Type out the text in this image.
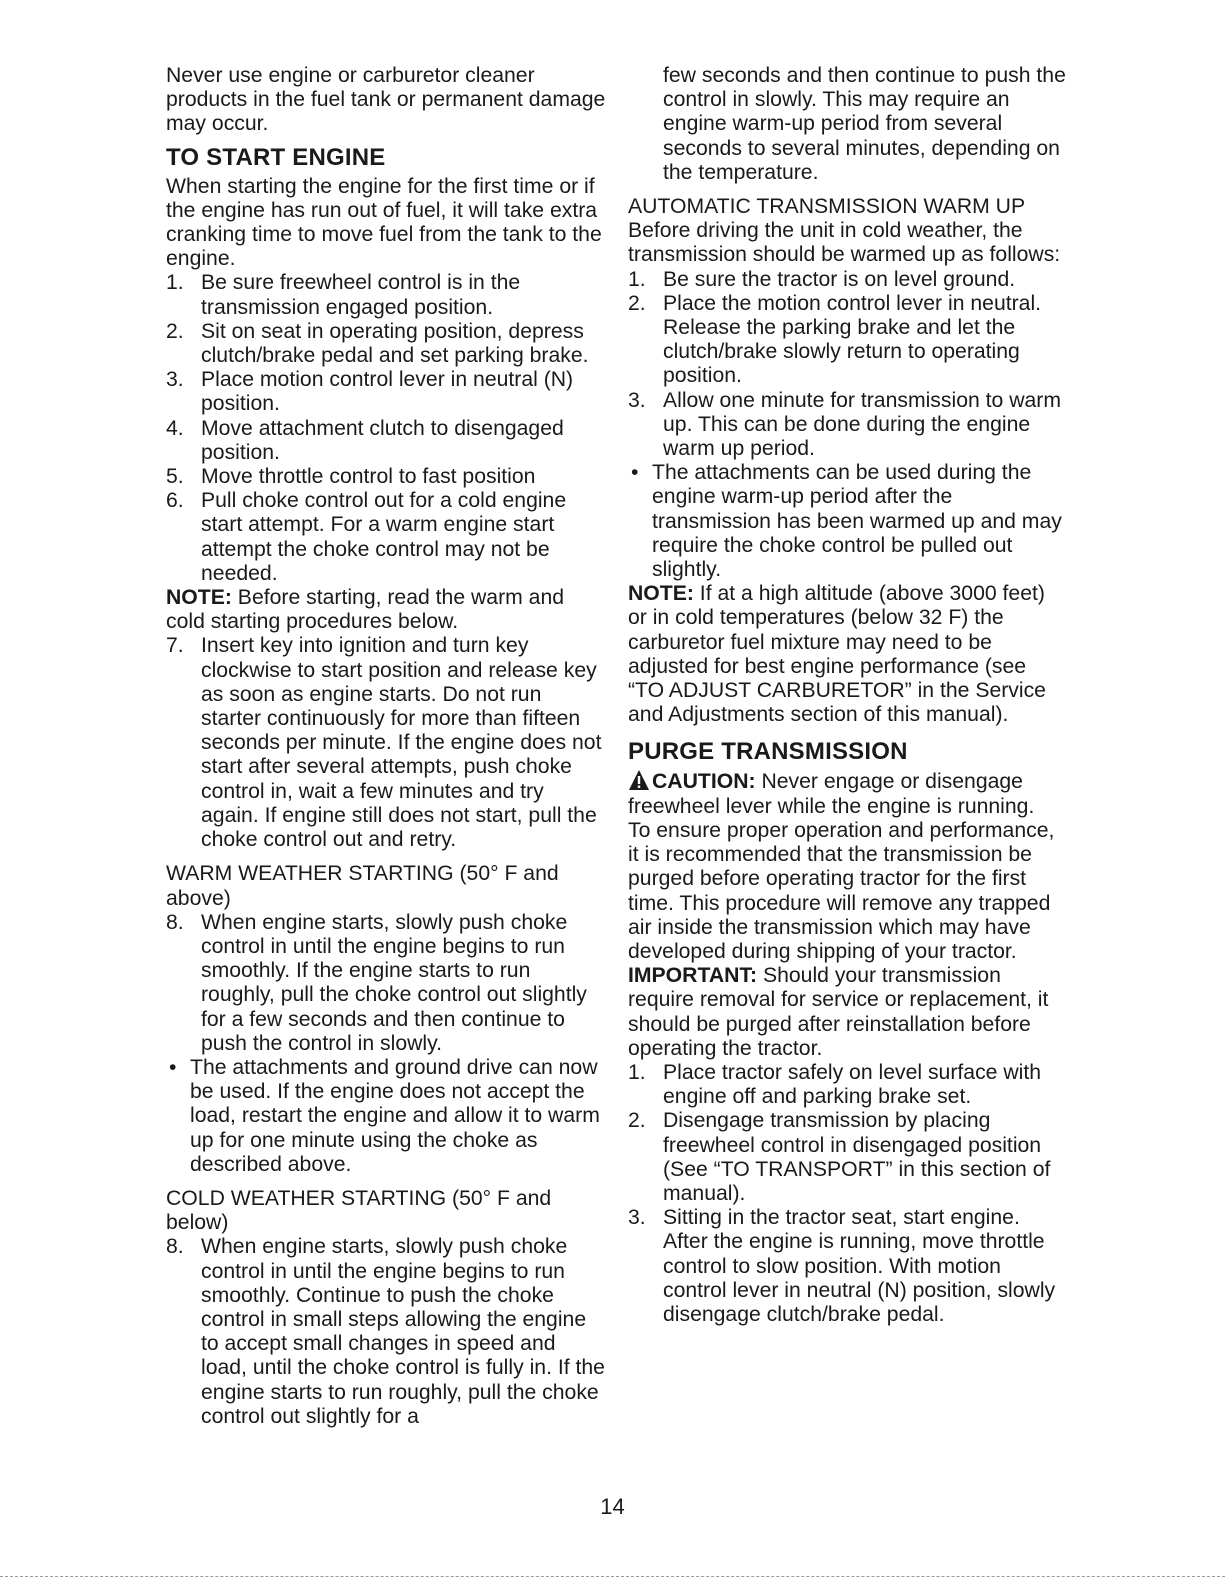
Never use engine or carburetor cleaner products in the fuel tank or permanent damage may occur.

TO START ENGINE

When starting the engine for the first time or if the engine has run out of fuel, it will take extra cranking time to move fuel from the tank to the engine.

1. Be sure freewheel control is in the transmission engaged position.
2. Sit on seat in operating position, depress clutch/brake pedal and set parking brake.
3. Place motion control lever in neutral (N) position.
4. Move attachment clutch to disengaged position.
5. Move throttle control to fast position
6. Pull choke control out for a cold engine start attempt. For a warm engine start attempt the choke control may not be needed.

NOTE: Before starting, read the warm and cold starting procedures below.

7. Insert key into ignition and turn key clockwise to start position and release key as soon as engine starts. Do not run starter continuously for more than fifteen seconds per minute. If the engine does not start after several attempts, push choke control in, wait a few minutes and try again. If engine still does not start, pull the choke control out and retry.

WARM WEATHER STARTING (50° F and above)

8. When engine starts, slowly push choke control in until the engine begins to run smoothly. If the engine starts to run roughly, pull the choke control out slightly for a few seconds and then continue to push the control in slowly.
• The attachments and ground drive can now be used. If the engine does not accept the load, restart the engine and allow it to warm up for one minute using the choke as described above.

COLD WEATHER STARTING (50° F and below)

8. When engine starts, slowly push choke control in until the engine begins to run smoothly. Continue to push the choke control in small steps allowing the engine to accept small changes in speed and load, until the choke control is fully in. If the engine starts to run roughly, pull the choke control out slightly for a

few seconds and then continue to push the control in slowly. This may require an engine warm-up period from several seconds to several minutes, depending on the temperature.

AUTOMATIC TRANSMISSION WARM UP

Before driving the unit in cold weather, the transmission should be warmed up as follows:

1. Be sure the tractor is on level ground.
2. Place the motion control lever in neutral. Release the parking brake and let the clutch/brake slowly return to operating position.
3. Allow one minute for transmission to warm up. This can be done during the engine warm up period.
• The attachments can be used during the engine warm-up period after the transmission has been warmed up and may require the choke control be pulled out slightly.

NOTE: If at a high altitude (above 3000 feet) or in cold temperatures (below 32 F) the carburetor fuel mixture may need to be adjusted for best engine performance (see “TO ADJUST CARBURETOR” in the Service and Adjustments section of this manual).

PURGE TRANSMISSION

CAUTION: Never engage or disengage freewheel lever while the engine is running.

To ensure proper operation and performance, it is recommended that the transmission be purged before operating tractor for the first time. This procedure will remove any trapped air inside the transmission which may have developed during shipping of your tractor.

IMPORTANT: Should your transmission require removal for service or replacement, it should be purged after reinstallation before operating the tractor.

1. Place tractor safely on level surface with engine off and parking brake set.
2. Disengage transmission by placing freewheel control in disengaged position (See “TO TRANSPORT” in this section of manual).
3. Sitting in the tractor seat, start engine. After the engine is running, move throttle control to slow position. With motion control lever in neutral (N) position, slowly disengage clutch/brake pedal.
14
